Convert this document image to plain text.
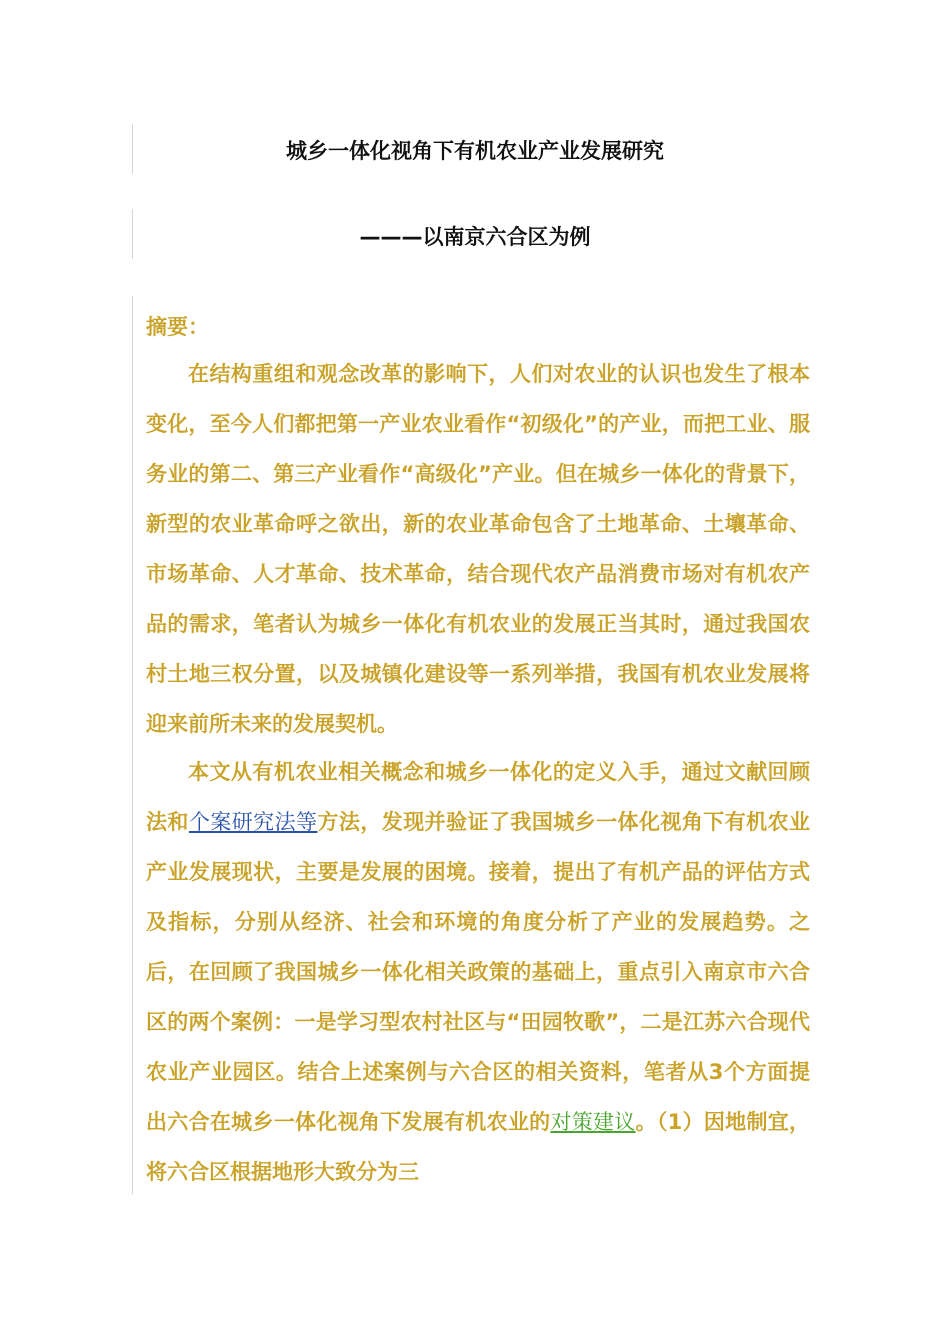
城乡一体化视角下有机农业产业发展研究
———以南京六合区为例
摘要：

在结构重组和观念改革的影响下，人们对农业的认识也发生了根本变化，至今人们都把第一产业农业看作“初级化”的产业，而把工业、服务业的第二、第三产业看作“高级化”产业。但在城乡一体化的背景下，新型的农业革命呼之欲出，新的农业革命包含了土地革命、土壤革命、市场革命、人才革命、技术革命，结合现代农产品消费市场对有机农产品的需求，笔者认为城乡一体化有机农业的发展正当其时，通过我国农村土地三权分置，以及城镇化建设等一系列举措，我国有机农业发展将迎来前所未来的发展契机。

本文从有机农业相关概念和城乡一体化的定义入手，通过文献回顾法和个案研究法等方法，发现并验证了我国城乡一体化视角下有机农业产业发展现状，主要是发展的困境。接着，提出了有机产品的评估方式及指标，分别从经济、社会和环境的角度分析了产业的发展趋势。之后，在回顾了我国城乡一体化相关政策的基础上，重点引入南京市六合区的两个案例：一是学习型农村社区与“田园牧歌”，二是江苏六合现代农业产业园区。结合上述案例与六合区的相关资料，笔者从3个方面提出六合在城乡一体化视角下发展有机农业的对策建议。（1）因地制宜，将六合区根据地形大致分为三
